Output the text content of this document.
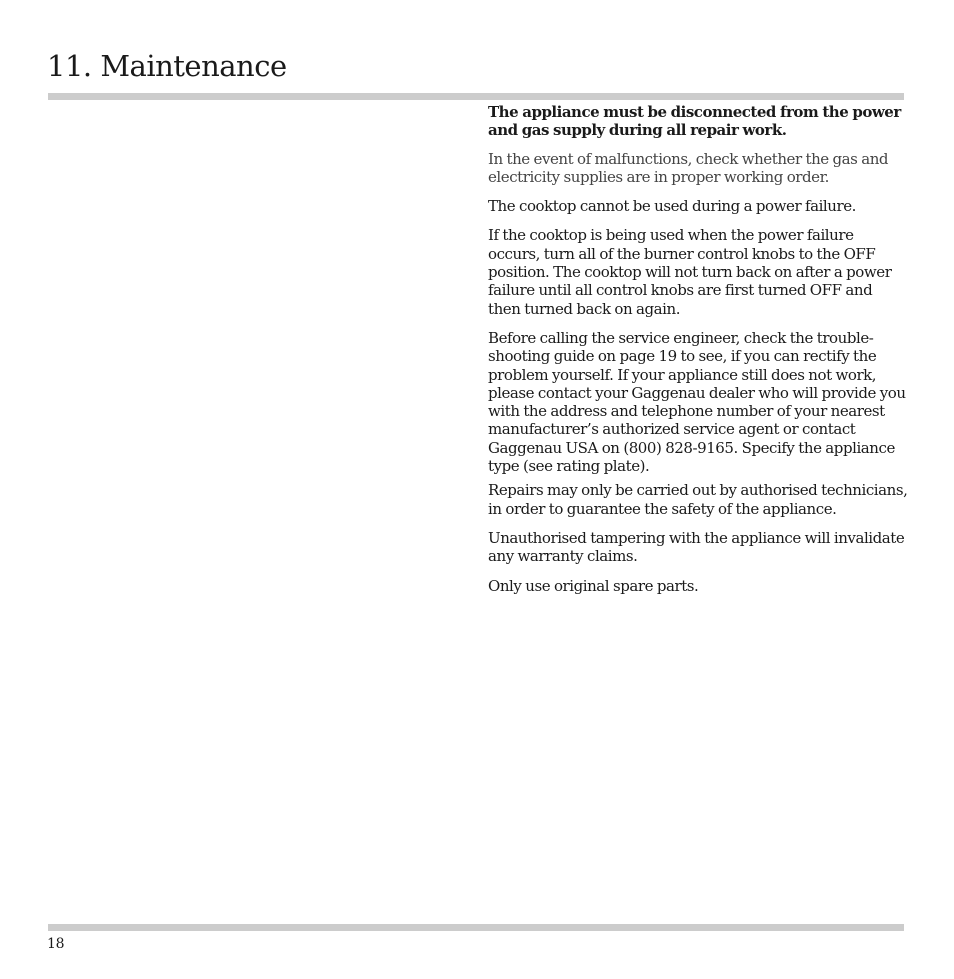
11. Maintenance

The appliance must be disconnected from the power and gas supply during all repair work.

In the event of malfunctions, check whether the gas and electricity supplies are in proper working order.

The cooktop cannot be used during a power failure.

If the cooktop is being used when the power failure occurs, turn all of the burner control knobs to the OFF position. The cooktop will not turn back on after a power failure until all control knobs are first turned OFF and then turned back on again.

Before calling the service engineer, check the trouble-shooting guide on page 19 to see, if you can rectify the problem yourself. If your appliance still does not work, please contact your Gaggenau dealer who will provide you with the address and telephone number of your nearest manufacturer’s authorized service agent or contact Gaggenau USA on (800) 828-9165. Specify the appliance type (see rating plate).

Repairs may only be carried out by authorised technicians, in order to guarantee the safety of the appliance.

Unauthorised tampering with the appliance will invalidate any warranty claims.

Only use original spare parts.

18
